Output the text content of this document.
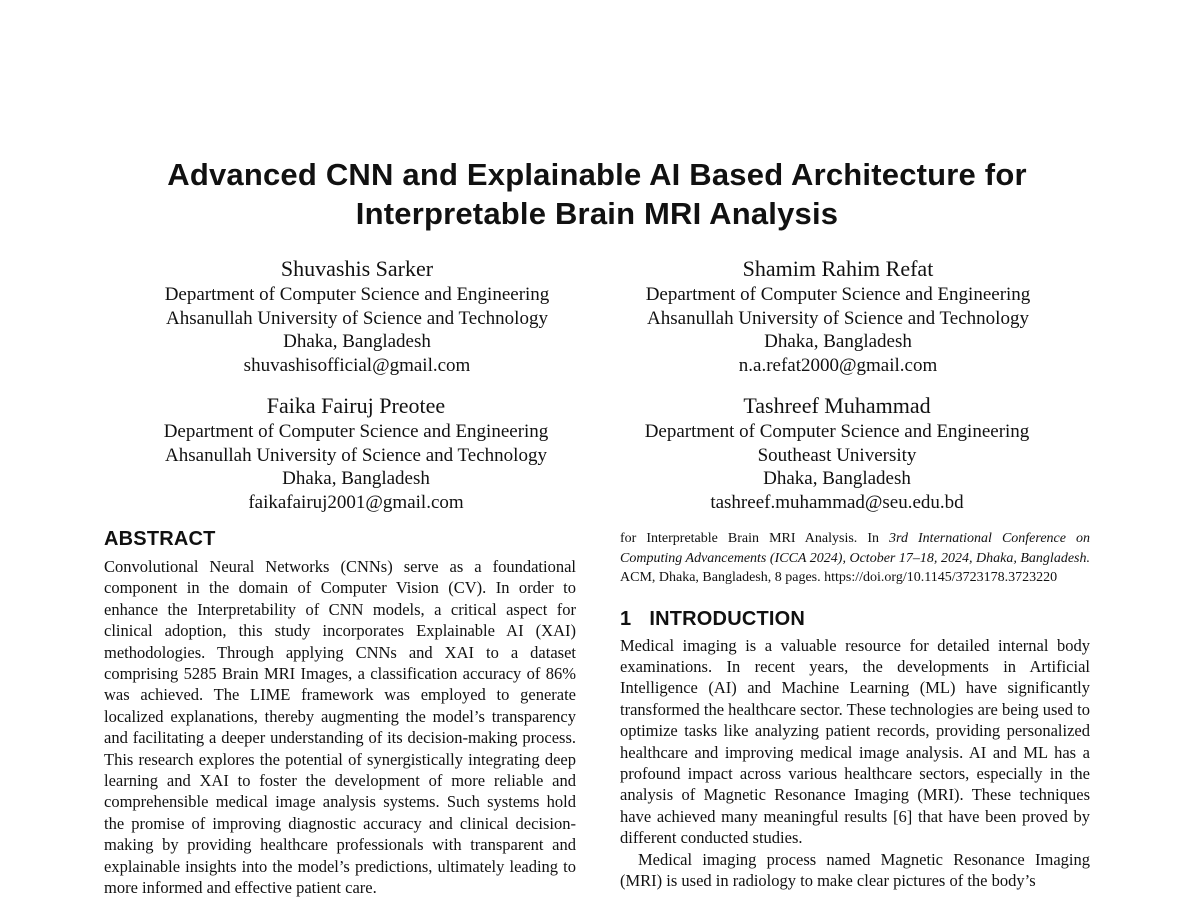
Advanced CNN and Explainable AI Based Architecture for
Interpretable Brain MRI Analysis
Shuvashis Sarker
Department of Computer Science and Engineering
Ahsanullah University of Science and Technology
Dhaka, Bangladesh
shuvashisofficial@gmail.com
Shamim Rahim Refat
Department of Computer Science and Engineering
Ahsanullah University of Science and Technology
Dhaka, Bangladesh
n.a.refat2000@gmail.com
Faika Fairuj Preotee
Department of Computer Science and Engineering
Ahsanullah University of Science and Technology
Dhaka, Bangladesh
faikafairuj2001@gmail.com
Tashreef Muhammad
Department of Computer Science and Engineering
Southeast University
Dhaka, Bangladesh
tashreef.muhammad@seu.edu.bd
ABSTRACT
Convolutional Neural Networks (CNNs) serve as a foundational component in the domain of Computer Vision (CV). In order to enhance the Interpretability of CNN models, a critical aspect for clinical adoption, this study incorporates Explainable AI (XAI) methodologies. Through applying CNNs and XAI to a dataset comprising 5285 Brain MRI Images, a classification accuracy of 86% was achieved. The LIME framework was employed to generate localized explanations, thereby augmenting the model’s transparency and facilitating a deeper understanding of its decision-making process. This research explores the potential of synergistically integrating deep learning and XAI to foster the development of more reliable and comprehensible medical image analysis systems. Such systems hold the promise of improving diagnostic accuracy and clinical decision-making by providing healthcare professionals with transparent and explainable insights into the model’s predictions, ultimately leading to more informed and effective patient care.
for Interpretable Brain MRI Analysis. In 3rd International Conference on Computing Advancements (ICCA 2024), October 17–18, 2024, Dhaka, Bangladesh. ACM, Dhaka, Bangladesh, 8 pages. https://doi.org/10.1145/3723178.3723220
1 INTRODUCTION
Medical imaging is a valuable resource for detailed internal body examinations. In recent years, the developments in Artificial Intelligence (AI) and Machine Learning (ML) have significantly transformed the healthcare sector. These technologies are being used to optimize tasks like analyzing patient records, providing personalized healthcare and improving medical image analysis. AI and ML has a profound impact across various healthcare sectors, especially in the analysis of Magnetic Resonance Imaging (MRI). These techniques have achieved many meaningful results [6] that have been proved by different conducted studies.
Medical imaging process named Magnetic Resonance Imaging (MRI) is used in radiology to make clear pictures of the body’s
